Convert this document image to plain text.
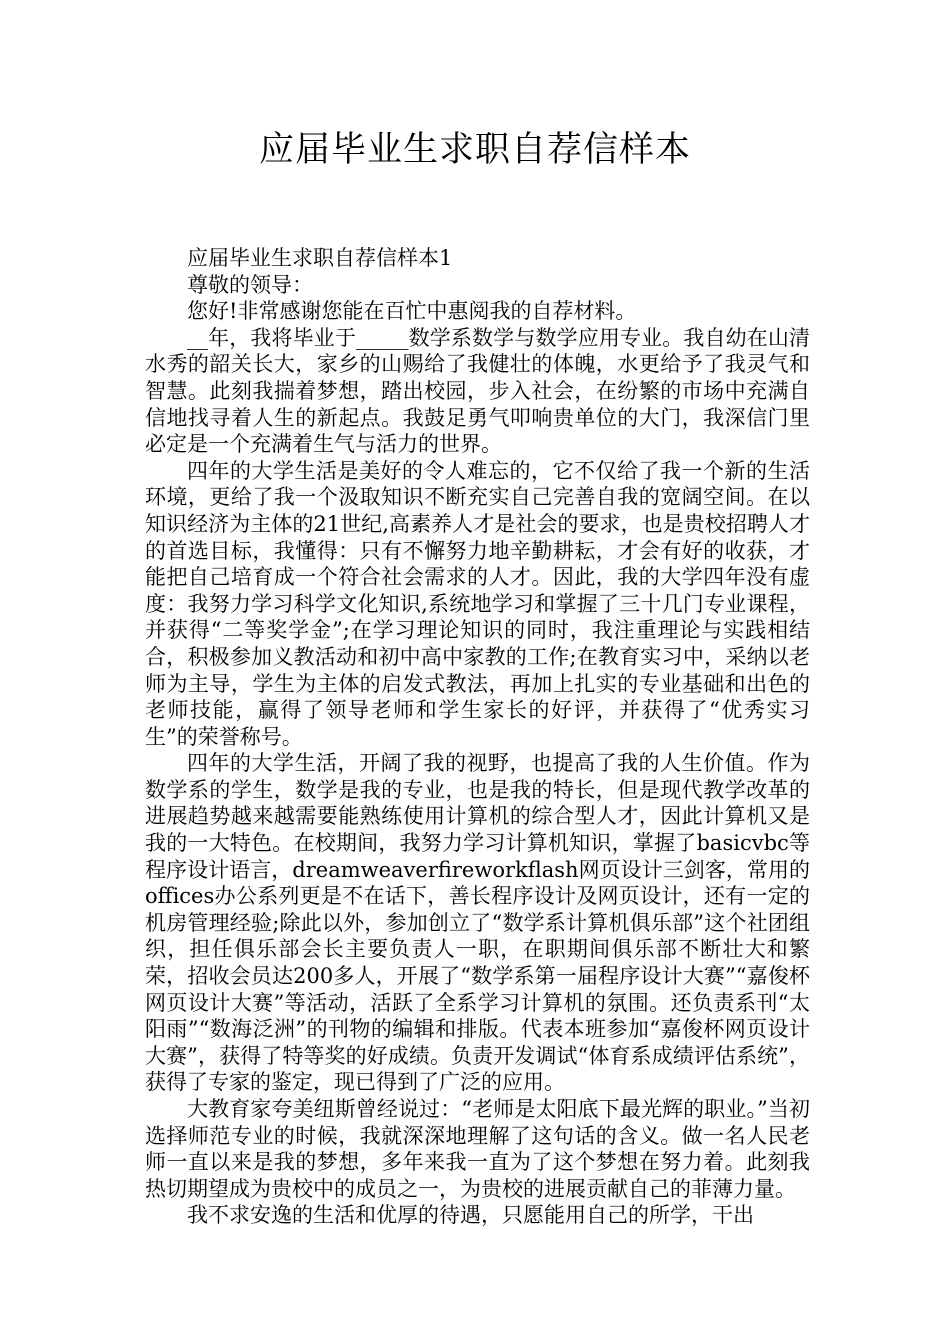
应届毕业生求职自荐信样本

应届毕业生求职自荐信样本1

尊敬的领导：

您好!非常感谢您能在百忙中惠阅我的自荐材料。

__年，我将毕业于_____数学系数学与数学应用专业。我自幼在山清水秀的韶关长大，家乡的山赐给了我健壮的体魄，水更给予了我灵气和智慧。此刻我揣着梦想，踏出校园，步入社会，在纷繁的市场中充满自信地找寻着人生的新起点。我鼓足勇气叩响贵单位的大门，我深信门里必定是一个充满着生气与活力的世界。

四年的大学生活是美好的令人难忘的，它不仅给了我一个新的生活环境，更给了我一个汲取知识不断充实自己完善自我的宽阔空间。在以知识经济为主体的21世纪,高素养人才是社会的要求，也是贵校招聘人才的首选目标，我懂得：只有不懈努力地辛勤耕耘，才会有好的收获，才能把自己培育成一个符合社会需求的人才。因此，我的大学四年没有虚度：我努力学习科学文化知识,系统地学习和掌握了三十几门专业课程，并获得“二等奖学金”;在学习理论知识的同时，我注重理论与实践相结合，积极参加义教活动和初中高中家教的工作;在教育实习中，采纳以老师为主导，学生为主体的启发式教法，再加上扎实的专业基础和出色的老师技能，赢得了领导老师和学生家长的好评，并获得了“优秀实习生”的荣誉称号。

四年的大学生活，开阔了我的视野，也提高了我的人生价值。作为数学系的学生，数学是我的专业，也是我的特长，但是现代教学改革的进展趋势越来越需要能熟练使用计算机的综合型人才，因此计算机又是我的一大特色。在校期间，我努力学习计算机知识，掌握了basicvbc等程序设计语言，dreamweaverfireworkflash网页设计三剑客，常用的offices办公系列更是不在话下，善长程序设计及网页设计，还有一定的机房管理经验;除此以外，参加创立了“数学系计算机俱乐部”这个社团组织，担任俱乐部会长主要负责人一职，在职期间俱乐部不断壮大和繁荣，招收会员达200多人，开展了“数学系第一届程序设计大赛”“嘉俊杯网页设计大赛”等活动，活跃了全系学习计算机的氛围。还负责系刊“太阳雨”“数海泛洲”的刊物的编辑和排版。代表本班参加“嘉俊杯网页设计大赛”，获得了特等奖的好成绩。负责开发调试“体育系成绩评估系统”，获得了专家的鉴定，现已得到了广泛的应用。

大教育家夸美纽斯曾经说过：“老师是太阳底下最光辉的职业。”当初选择师范专业的时候，我就深深地理解了这句话的含义。做一名人民老师一直以来是我的梦想，多年来我一直为了这个梦想在努力着。此刻我热切期望成为贵校中的成员之一，为贵校的进展贡献自己的菲薄力量。

我不求安逸的生活和优厚的待遇，只愿能用自己的所学，干出
